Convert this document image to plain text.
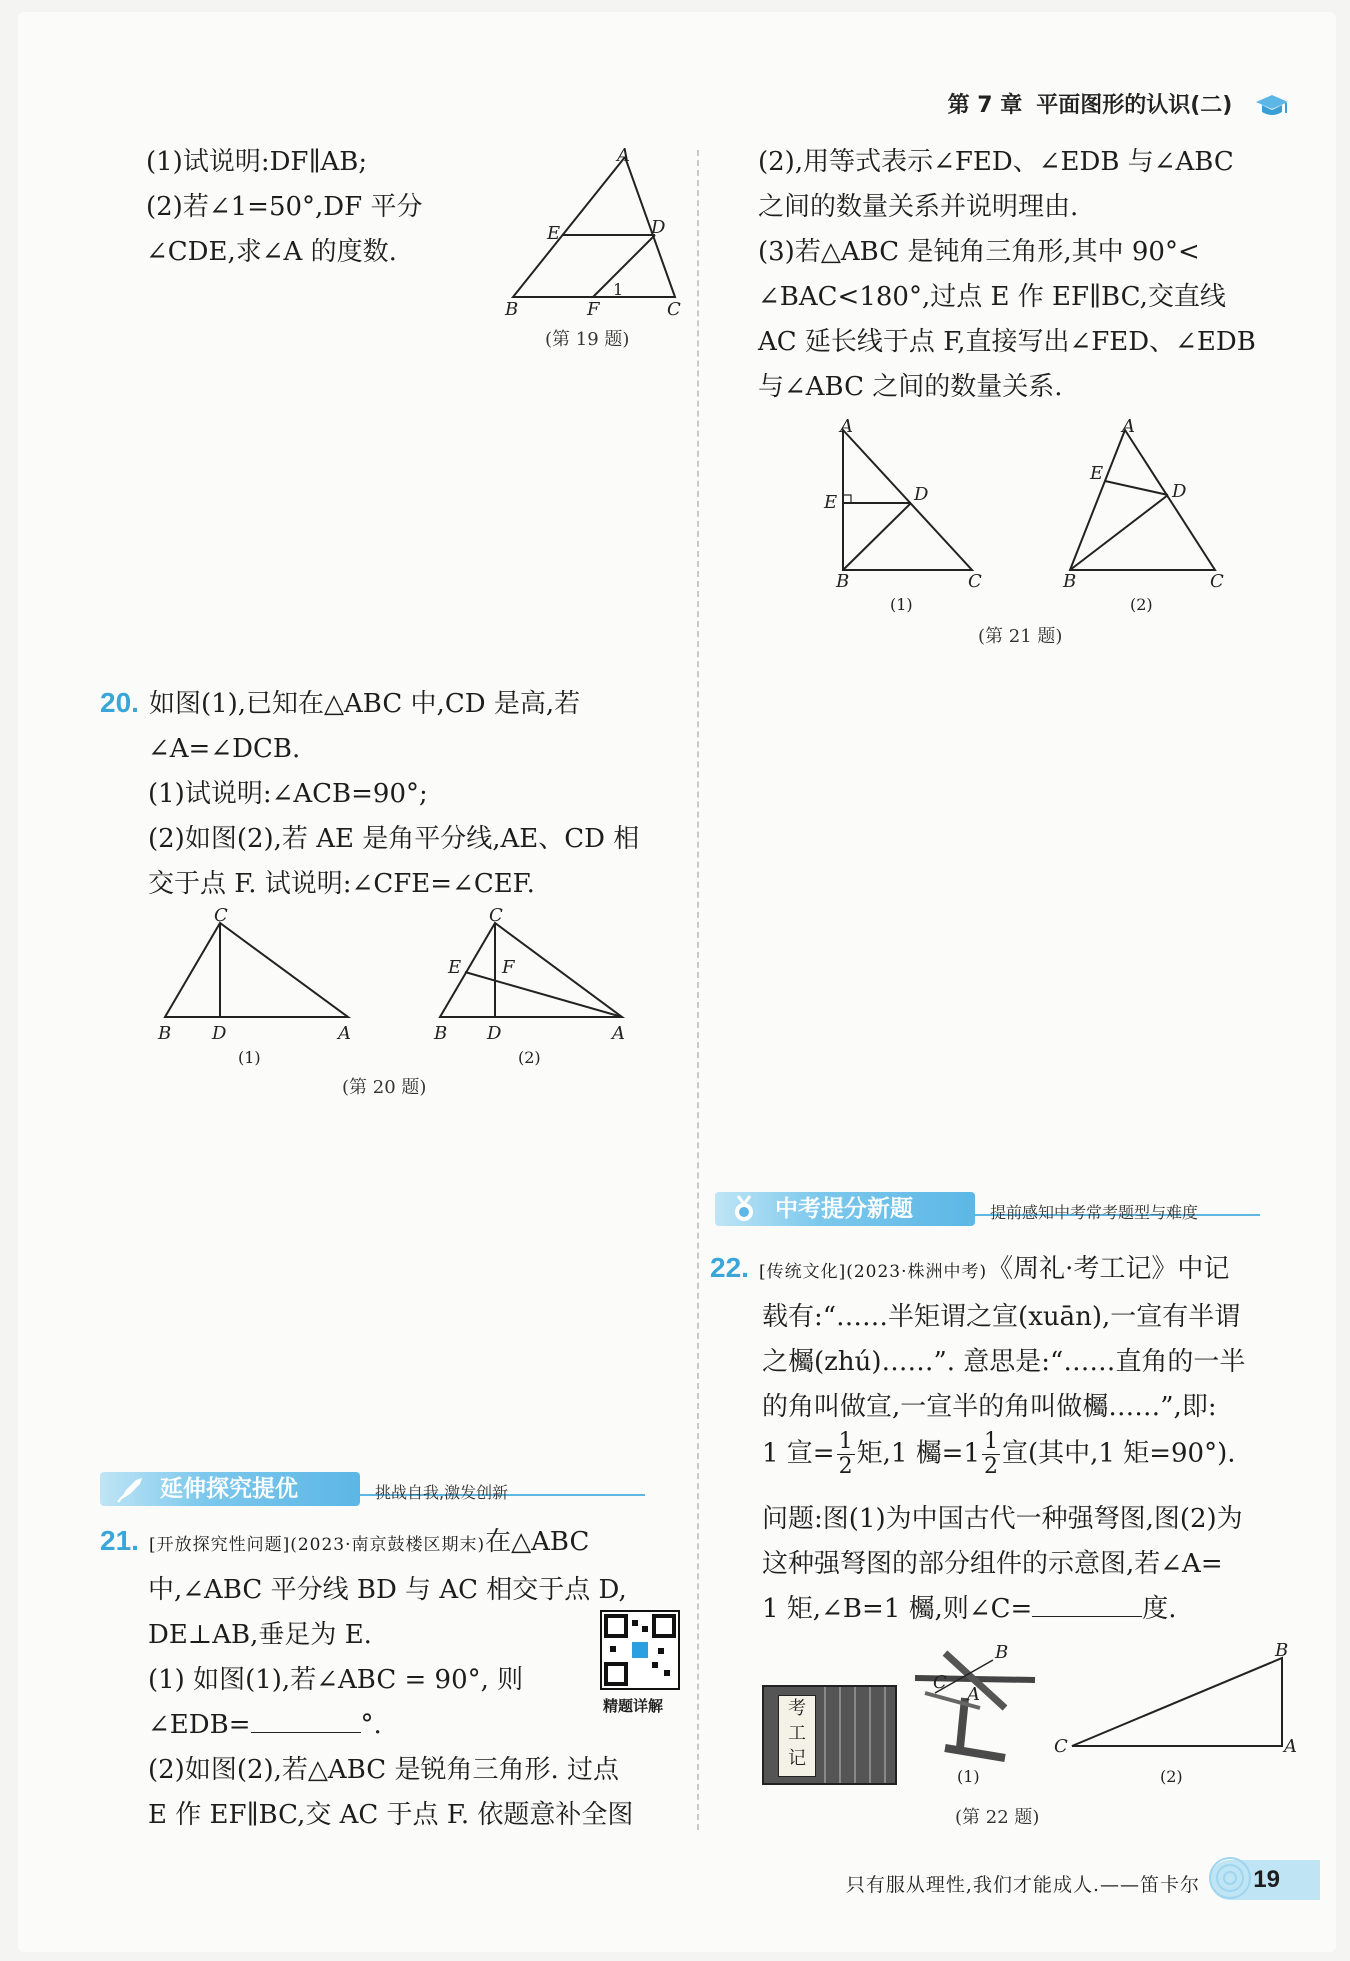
第 7 章 平面图形的认识(二)
(1)试说明:DF∥AB;
(2)若∠1=50°,DF 平分
∠CDE,求∠A 的度数.
A
E	D
B	F	C
1
(第 19 题)
(2),用等式表示∠FED、∠EDB 与∠ABC
之间的数量关系并说明理由.
(3)若△ABC 是钝角三角形,其中 90°<
∠BAC<180°,过点 E 作 EF∥BC,交直线
AC 延长线于点 F,直接写出∠FED、∠EDB
与∠ABC 之间的数量关系.
A
E	D
B	C
(1)
A
E
D
B	C
(2)
(第 21 题)
20. 如图(1),已知在△ABC 中,CD 是高,若
∠A=∠DCB.
(1)试说明:∠ACB=90°;
(2)如图(2),若 AE 是角平分线,AE、CD 相
交于点 F. 试说明:∠CFE=∠CEF.
C
B D	A
(1)
C
E F
B D	A
(2)
(第 20 题)
中考提分新题	提前感知中考常考题型与难度
22. [传统文化](2023·株洲中考)《周礼·考工记》中记
载有:“……半矩谓之宣(xuān),一宣有半谓
之欘(zhú)……”. 意思是:“……直角的一半
的角叫做宣,一宣半的角叫做欘……”,即:
1 宣= $\frac{1}{2}$ 矩,1 欘$=1 \frac{1}{2}$ 宣(其中,1 矩=90°).
问题:图(1)为中国古代一种强弩图,图(2)为
这种强弩图的部分组件的示意图,若∠A=
1 矩,∠B=1 欘,则∠C=	度.
考
工
记
B
C
A
(1)
B
C	A
(2)
(第 22 题)
延伸探究提优	挑战自我,激发创新
21. [开放探究性问题](2023·南京鼓楼区期末)在△ABC
中,∠ABC 平分线 BD 与 AC 相交于点 D,
DE⊥AB,垂足为 E.
(1) 如图(1),若∠ABC = 90°, 则
∠EDB=	°.
(2)如图(2),若△ABC 是锐角三角形. 过点
E 作 EF∥BC,交 AC 于点 F. 依题意补全图
精题详解
只有服从理性,我们才能成人.——笛卡尔	19
